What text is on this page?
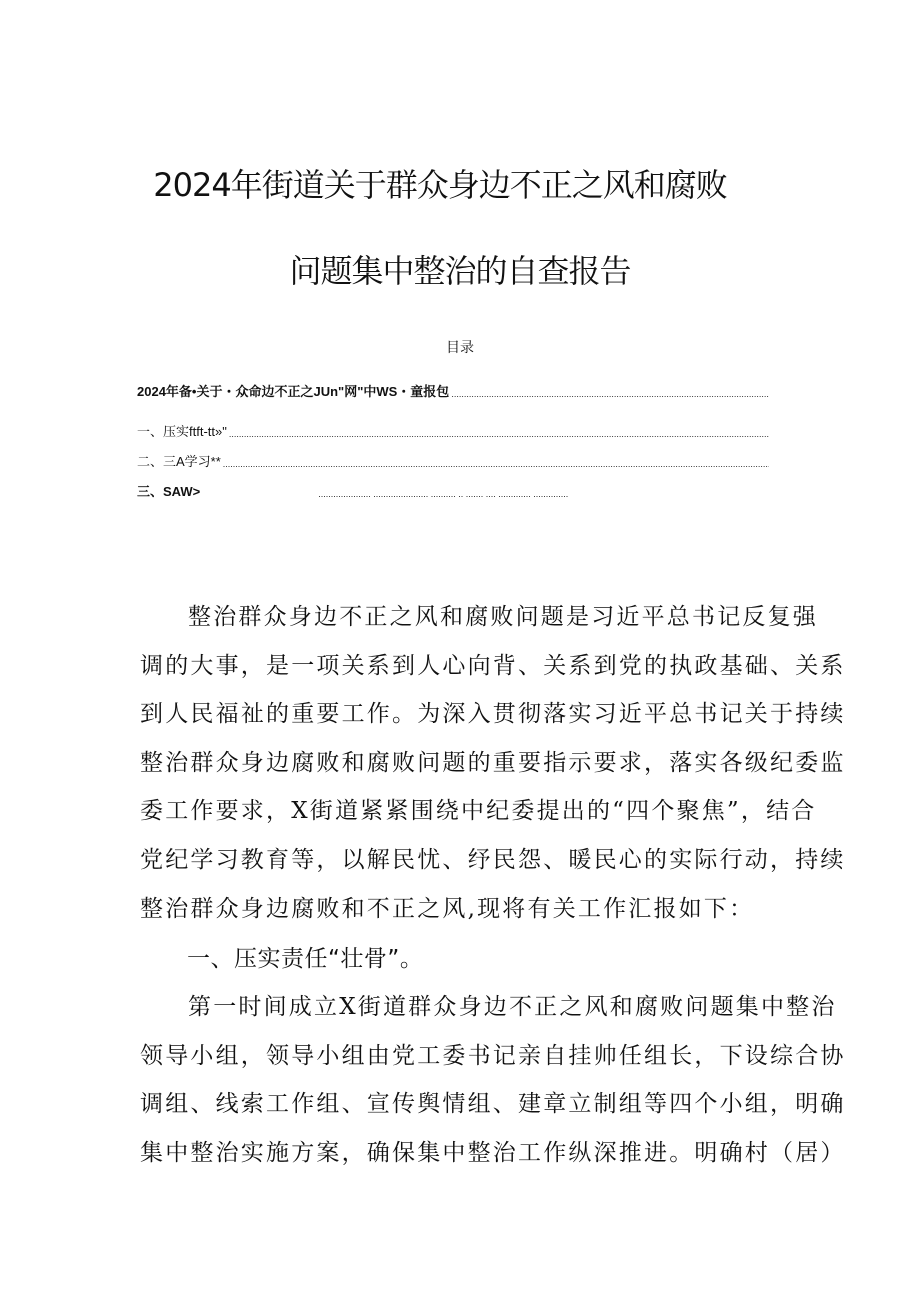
2024年街道关于群众身边不正之风和腐败
问题集中整治的自查报告
目录
2024年备•关于・众命边不正之JUn"网"中WS・童报包
.....
一、压实ftft-tt»"
.....
二、三A学习**
.....
三、SAW>
.....
整治群众身边不正之风和腐败问题是习近平总书记反复强
调的大事，是一项关系到人心向背、关系到党的执政基础、关系
到人民福祉的重要工作。为深入贯彻落实习近平总书记关于持续
整治群众身边腐败和腐败问题的重要指示要求，落实各级纪委监
委工作要求，X街道紧紧围绕中纪委提出的“四个聚焦”，结合
党纪学习教育等，以解民忧、纾民怨、暖民心的实际行动，持续
整治群众身边腐败和不正之风,现将有关工作汇报如下：
一、压实责任“壮骨”。
第一时间成立X街道群众身边不正之风和腐败问题集中整治
领导小组，领导小组由党工委书记亲自挂帅任组长，下设综合协
调组、线索工作组、宣传舆情组、建章立制组等四个小组，明确
集中整治实施方案，确保集中整治工作纵深推进。明确村（居）
